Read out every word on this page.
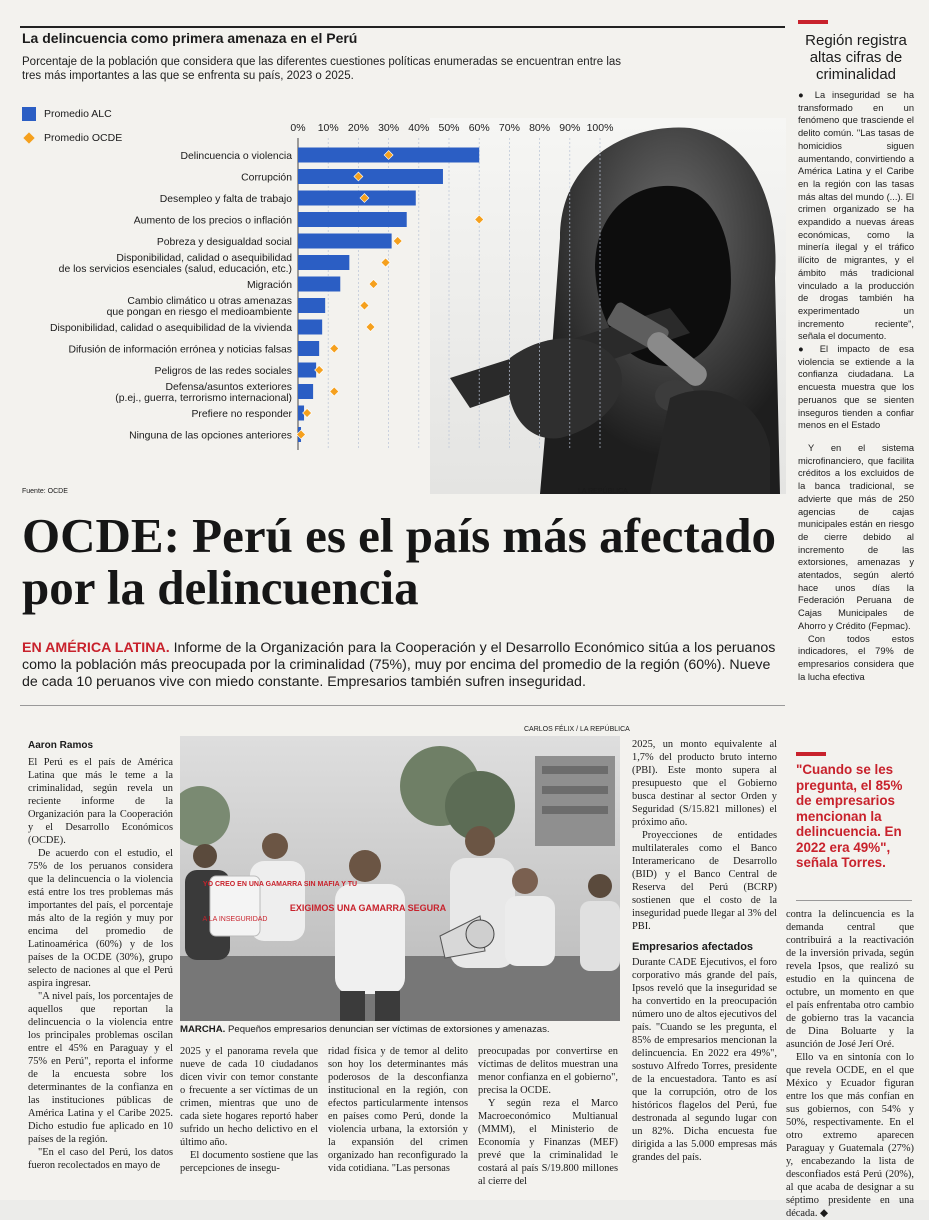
La delincuencia como primera amenaza en el Perú
Porcentaje de la población que considera que las diferentes cuestiones políticas enumeradas se encuentran entre las tres más importantes a las que se enfrenta su país, 2023 o 2025.
Promedio ALC
Promedio OCDE
0% 10% 20% 30% 40% 50% 60% 70% 80% 90% 100%
Delincuencia o violencia
Corrupción
Desempleo y falta de trabajo
Aumento de los precios o inflación
Pobreza y desigualdad social
Disponibilidad, calidad o asequibilidad
de los servicios esenciales (salud, educación, etc.)
Migración
Cambio climático u otras amenazas
que pongan en riesgo el medioambiente
Disponibilidad, calidad o asequibilidad de la vivienda
Difusión de información errónea y noticias falsas
Peligros de las redes sociales
Defensa/asuntos exteriores
(p.ej., guerra, terrorismo internacional)
Prefiere no responder
Ninguna de las opciones anteriores
Fuente: OCDE	LA REPÚBLICA
Región registra altas cifras de criminalidad

● La inseguridad se ha transformado en un fenómeno que trasciende el delito común. "Las tasas de homicidios siguen aumentando, convirtiendo a América Latina y el Caribe en la región con las tasas más altas del mundo (...). El crimen organizado se ha expandido a nuevas áreas económicas, como la minería ilegal y el tráfico ilícito de migrantes, y el ámbito más tradicional vinculado a la producción de drogas también ha experimentado un incremento reciente", señala el documento.

● El impacto de esa violencia se extiende a la confianza ciudadana. La encuesta muestra que los peruanos que se sienten inseguros tienden a confiar menos en el Estado

Y en el sistema microfinanciero, que facilita créditos a los excluidos de la banca tradicional, se advierte que más de 250 agencias de cajas municipales están en riesgo de cierre debido al incremento de las extorsiones, amenazas y atentados, según alertó hace unos días la Federación Peruana de Cajas Municipales de Ahorro y Crédito (Fepmac).

Con todos estos indicadores, el 79% de empresarios considera que la lucha efectiva

OCDE: Perú es el país más afectado por la delincuencia
EN AMÉRICA LATINA. Informe de la Organización para la Cooperación y el Desarrollo Económico sitúa a los peruanos como la población más preocupada por la criminalidad (75%), muy por encima del promedio de la región (60%). Nueve de cada 10 peruanos vive con miedo constante. Empresarios también sufren inseguridad.
Aaron Ramos

El Perú es el país de América Latina que más le teme a la criminalidad, según revela un reciente informe de la Organización para la Cooperación y el Desarrollo Económicos (OCDE).

De acuerdo con el estudio, el 75% de los peruanos considera que la delincuencia o la violencia está entre los tres problemas más importantes del país, el porcentaje más alto de la región y muy por encima del promedio de Latinoamérica (60%) y de los países de la OCDE (30%), grupo selecto de naciones al que el Perú aspira ingresar.

"A nivel país, los porcentajes de aquellos que reportan la delincuencia o la violencia entre los principales problemas oscilan entre el 45% en Paraguay y el 75% en Perú", reporta el informe de la encuesta sobre los determinantes de la confianza en las instituciones públicas de América Latina y el Caribe 2025. Dicho estudio fue aplicado en 10 países de la región.

"En el caso del Perú, los datos fueron recolectados en mayo de

CARLOS FÉLIX / LA REPÚBLICA
A LA INSEGURIDAD
EXIGIMOS UNA GAMARRA SEGURA
YO CREO EN UNA GAMARRA SIN MAFIA Y TU
MARCHA. Pequeños empresarios denuncian ser víctimas de extorsiones y amenazas.

2025 y el panorama revela que nueve de cada 10 ciudadanos dicen vivir con temor constante o frecuente a ser víctimas de un crimen, mientras que uno de cada siete hogares reportó haber sufrido un hecho delictivo en el último año.

El documento sostiene que las percepciones de insegu-

ridad física y de temor al delito son hoy los determinantes más poderosos de la desconfianza institucional en la región, con efectos particularmente intensos en países como Perú, donde la violencia urbana, la extorsión y la expansión del crimen organizado han reconfigurado la vida cotidiana. "Las personas

preocupadas por convertirse en víctimas de delitos muestran una menor confianza en el gobierno", precisa la OCDE.

Y según reza el Marco Macroeconómico Multianual (MMM), el Ministerio de Economía y Finanzas (MEF) prevé que la criminalidad le costará al país S/19.800 millones al cierre del

2025, un monto equivalente al 1,7% del producto bruto interno (PBI). Este monto supera al presupuesto que el Gobierno busca destinar al sector Orden y Seguridad (S/15.821 millones) el próximo año.

Proyecciones de entidades multilaterales como el Banco Interamericano de Desarrollo (BID) y el Banco Central de Reserva del Perú (BCRP) sostienen que el costo de la inseguridad puede llegar al 3% del PBI.

Empresarios afectados

Durante CADE Ejecutivos, el foro corporativo más grande del país, Ipsos reveló que la inseguridad se ha convertido en la preocupación número uno de altos ejecutivos del país. "Cuando se les pregunta, el 85% de empresarios mencionan la delincuencia. En 2022 era 49%", sostuvo Alfredo Torres, presidente de la encuestadora. Tanto es así que la corrupción, otro de los históricos flagelos del Perú, fue destronada al segundo lugar con un 82%. Dicha encuesta fue dirigida a las 5.000 empresas más grandes del país.

"Cuando se les pregunta, el 85% de empresarios mencionan la delincuencia. En 2022 era 49%", señala Torres.

contra la delincuencia es la demanda central que contribuirá a la reactivación de la inversión privada, según revela Ipsos, que realizó su estudio en la quincena de octubre, un momento en que el país enfrentaba otro cambio de gobierno tras la vacancia de Dina Boluarte y la asunción de José Jerí Oré.

Ello va en sintonía con lo que revela OCDE, en el que México y Ecuador figuran entre los que más confían en sus gobiernos, con 54% y 50%, respectivamente. En el otro extremo aparecen Paraguay y Guatemala (27%) y, encabezando la lista de desconfiados está Perú (20%), al que acaba de designar a su séptimo presidente en una década. ◆
